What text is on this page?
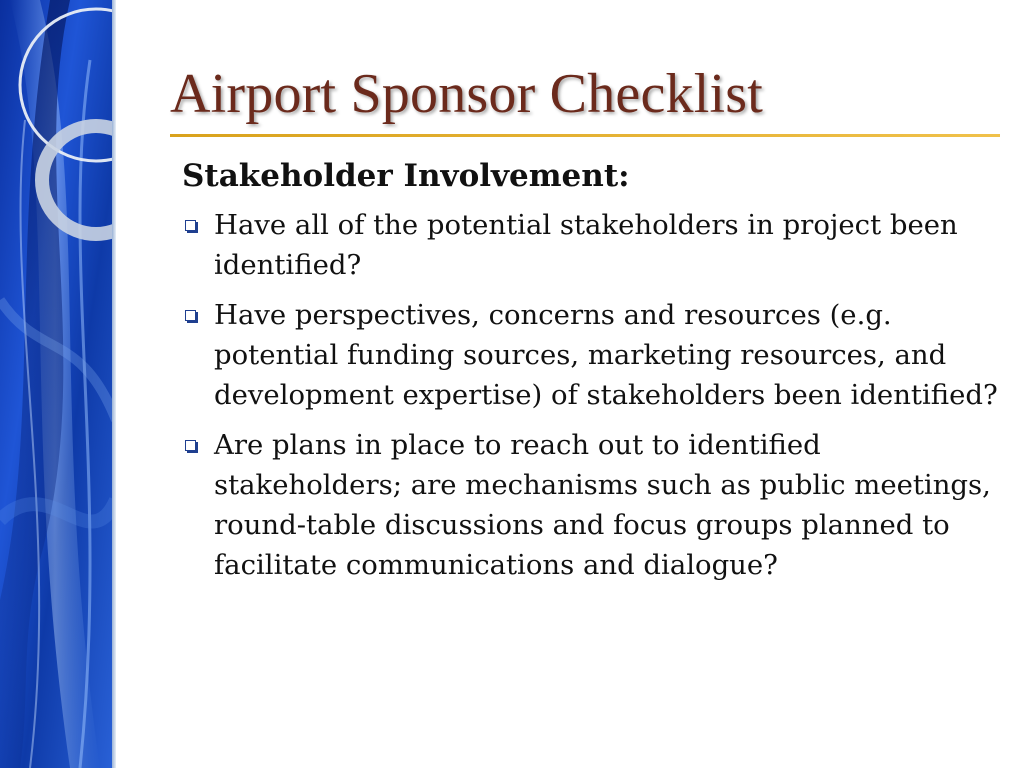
Airport Sponsor Checklist
Stakeholder Involvement:
Have all of the potential stakeholders in project been identified?
Have perspectives, concerns and resources (e.g. potential funding sources, marketing resources, and development expertise) of stakeholders been identified?
Are plans in place to reach out to identified stakeholders; are mechanisms such as public meetings, round-table discussions and focus groups planned to facilitate communications and dialogue?
